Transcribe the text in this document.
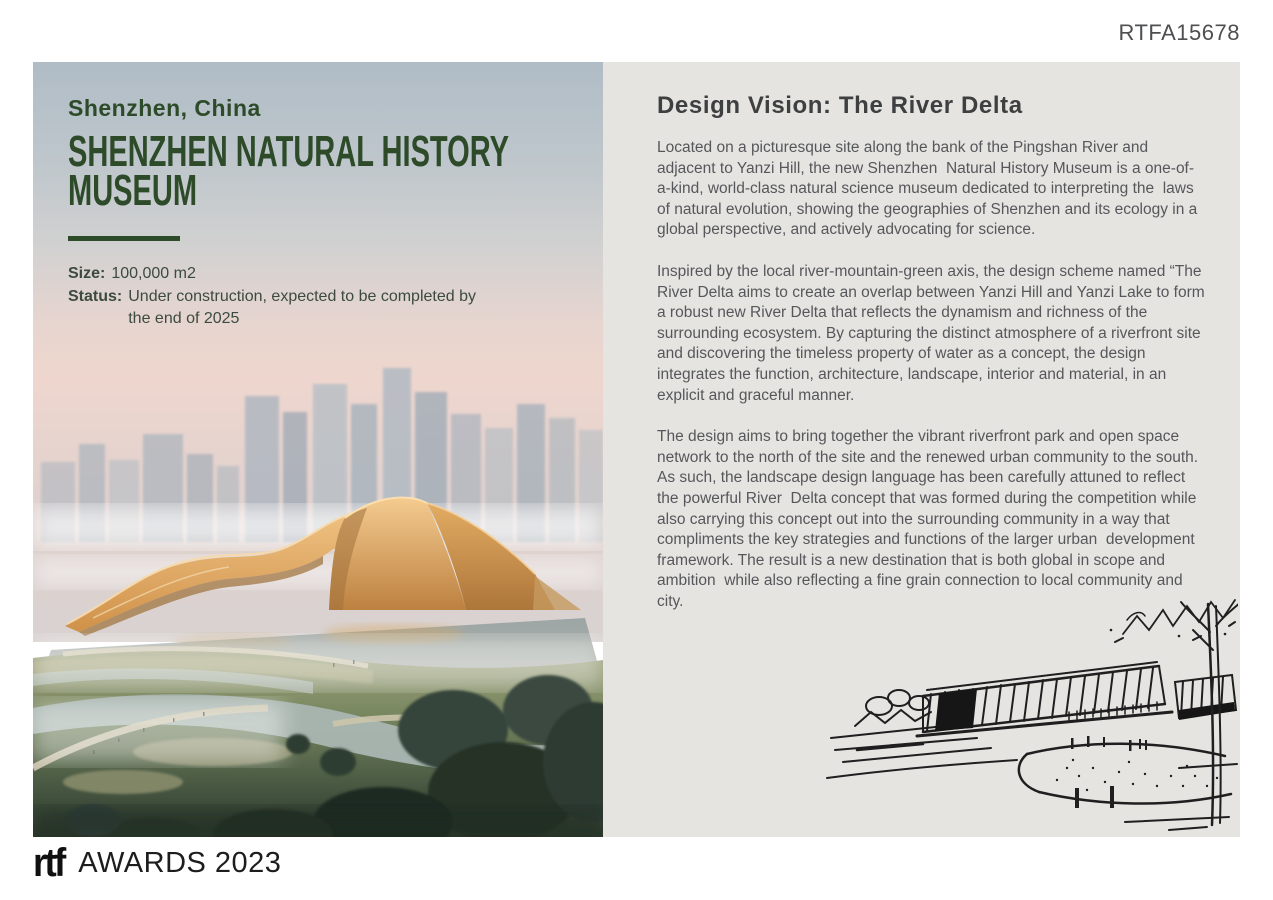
RTFA15678
Shenzhen, China
SHENZHEN NATURAL HISTORY
MUSEUM
Size: 100,000 m2
Status: Under construction, expected to be completed by the end of 2025
Design Vision: The River Delta

Located on a picturesque site along the bank of the Pingshan River and adjacent to Yanzi Hill, the new Shenzhen  Natural History Museum is a one-of-a-kind, world-class natural science museum dedicated to interpreting the  laws of natural evolution, showing the geographies of Shenzhen and its ecology in a global perspective, and actively advocating for science.

Inspired by the local river-mountain-green axis, the design scheme named “The River Delta aims to create an overlap between Yanzi Hill and Yanzi Lake to form a robust new River Delta that reflects the dynamism and richness of the surrounding ecosystem. By capturing the distinct atmosphere of a riverfront site and discovering the timeless property of water as a concept, the design integrates the function, architecture, landscape, interior and material, in an explicit and graceful manner.

The design aims to bring together the vibrant riverfront park and open space network to the north of the site and the renewed urban community to the south.  As such, the landscape design language has been carefully attuned to reflect the powerful River  Delta concept that was formed during the competition while also carrying this concept out into the surrounding community in a way that compliments the key strategies and functions of the larger urban  development framework. The result is a new destination that is both global in scope and ambition  while also reflecting a fine grain connection to local community and city.

rtf AWARDS 2023
